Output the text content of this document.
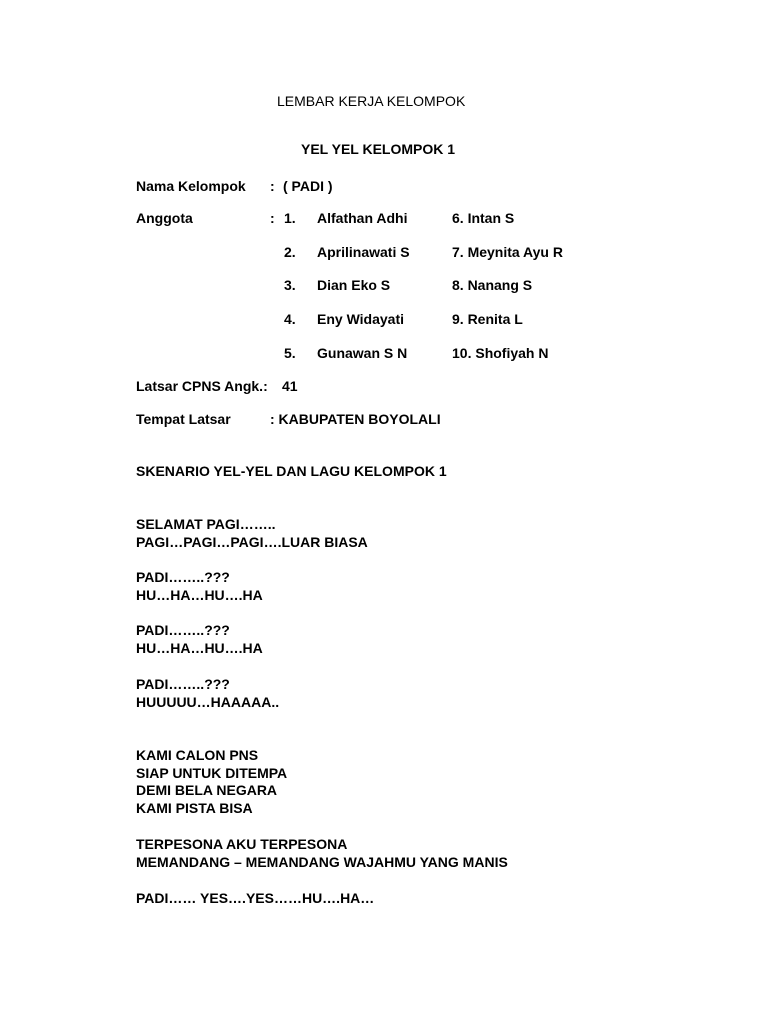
LEMBAR KERJA KELOMPOK
YEL YEL KELOMPOK 1
Nama Kelompok : ( PADI )
Anggota	: 1. Alfathan Adhi	6. Intan S
2. Aprilinawati S	7. Meynita Ayu R
3. Dian Eko S	8. Nanang S
4. Eny Widayati	9. Renita L
5. Gunawan S N	10. Shofiyah N
Latsar CPNS Angk.: 41
Tempat Latsar	: KABUPATEN BOYOLALI
SKENARIO YEL-YEL DAN LAGU KELOMPOK 1
SELAMAT PAGI……..
PAGI…PAGI…PAGI….LUAR BIASA
PADI……..???
HU…HA…HU….HA
PADI……..???
HU…HA…HU….HA
PADI……..???
HUUUUU…HAAAAA..
KAMI CALON PNS
SIAP UNTUK DITEMPA
DEMI BELA NEGARA
KAMI PISTA BISA
TERPESONA AKU TERPESONA
MEMANDANG – MEMANDANG WAJAHMU YANG MANIS
PADI…… YES….YES……HU….HA…
